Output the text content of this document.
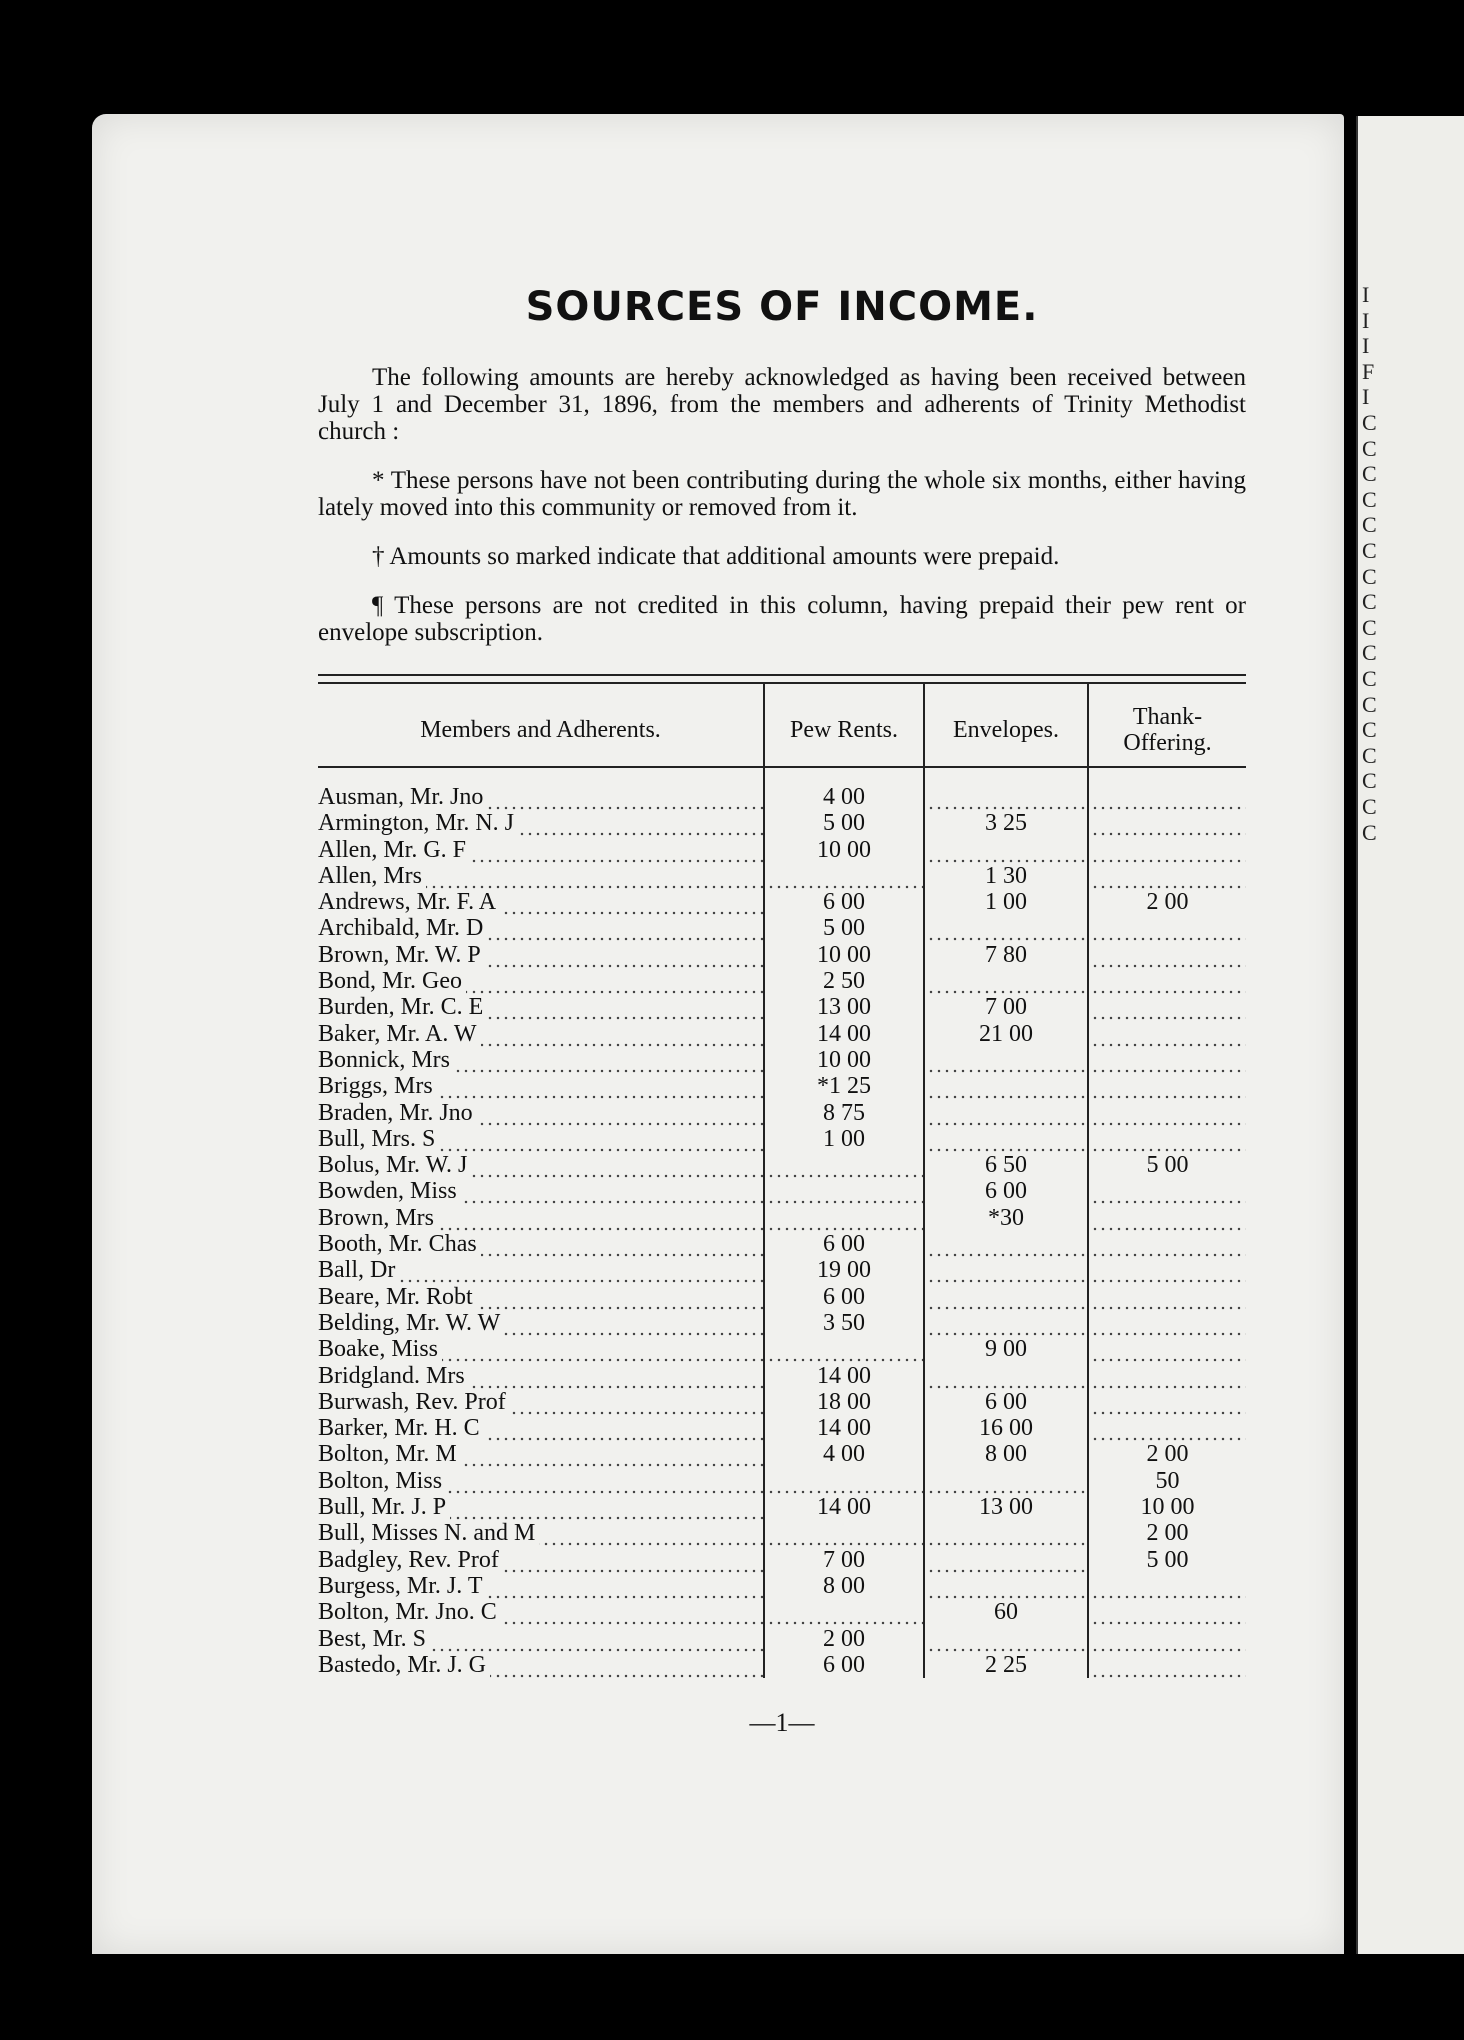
I
I
I
F
I
C
C
C
C
C
C
C
C
C
C
C
C
C
C
C
C
C
SOURCES OF INCOME.

The following amounts are hereby acknowledged as having been received between July 1 and December 31, 1896, from the members and adherents of Trinity Methodist church :

* These persons have not been contributing during the whole six months, either having lately moved into this community or removed from it.

† Amounts so marked indicate that additional amounts were prepaid.

¶ These persons are not credited in this column, having prepaid their pew rent or envelope subscription.

Members and Adherents.	Pew Rents.	Envelopes.	Thank-Offering.

Ausman, Mr. Jno	4 00		
Armington, Mr. N. J	5 00	3 25	
Allen, Mr. G. F	10 00		
Allen, Mrs		1 30	
Andrews, Mr. F. A	6 00	1 00	2 00
Archibald, Mr. D	5 00		
Brown, Mr. W. P	10 00	7 80	
Bond, Mr. Geo	2 50		
Burden, Mr. C. E	13 00	7 00	
Baker, Mr. A. W	14 00	21 00	
Bonnick, Mrs	10 00		
Briggs, Mrs	*1 25		
Braden, Mr. Jno	8 75		
Bull, Mrs. S	1 00		
Bolus, Mr. W. J		6 50	5 00
Bowden, Miss		6 00	
Brown, Mrs		*30	
Booth, Mr. Chas	6 00		
Ball, Dr	19 00		
Beare, Mr. Robt	6 00		
Belding, Mr. W. W	3 50		
Boake, Miss		9 00	
Bridgland. Mrs	14 00		
Burwash, Rev. Prof	18 00	6 00	
Barker, Mr. H. C	14 00	16 00	
Bolton, Mr. M	4 00	8 00	2 00
Bolton, Miss			50
Bull, Mr. J. P	14 00	13 00	10 00
Bull, Misses N. and M			2 00
Badgley, Rev. Prof	7 00		5 00
Burgess, Mr. J. T	8 00		
Bolton, Mr. Jno. C		60	
Best, Mr. S	2 00		
Bastedo, Mr. J. G	6 00	2 25	
—1—
